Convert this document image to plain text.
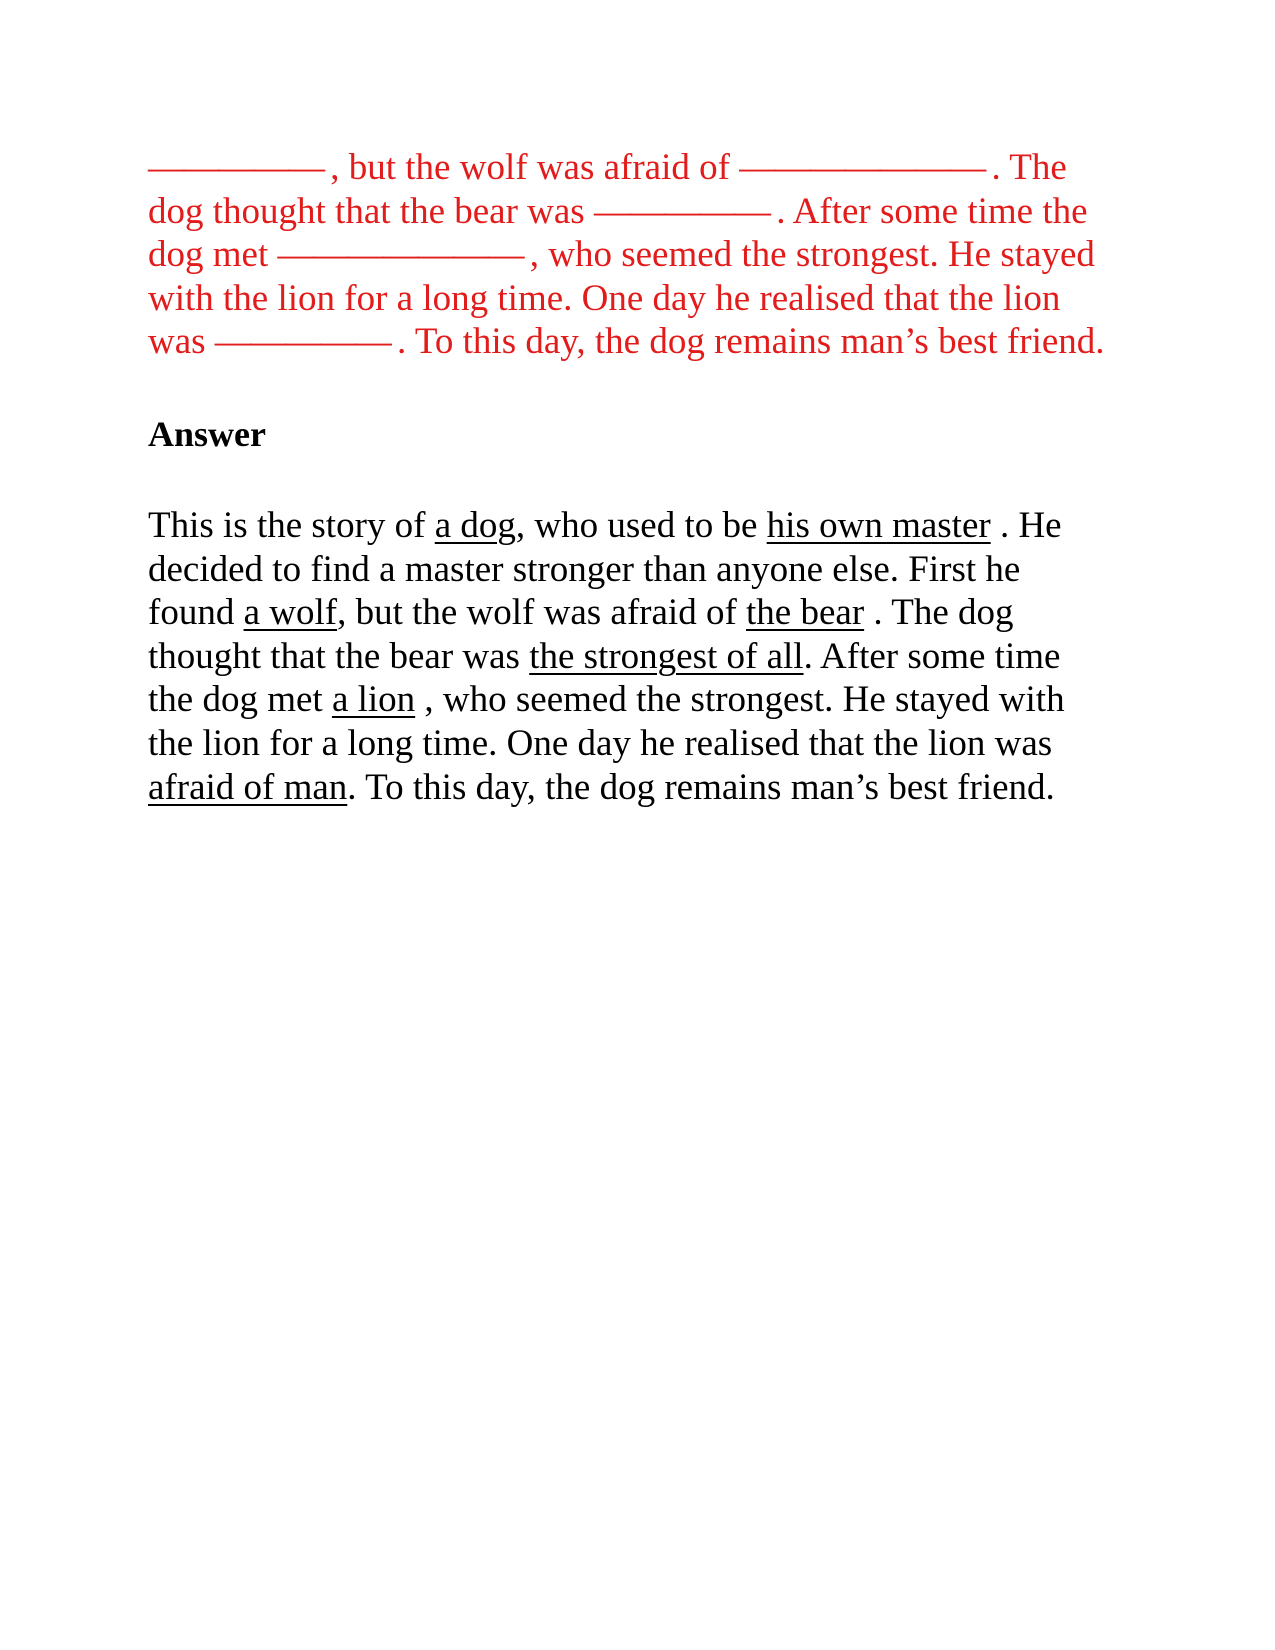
————— , but the wolf was afraid of ——————— . The
dog thought that the bear was ————— . After some time the
dog met ——————— , who seemed the strongest. He stayed
with the lion for a long time. One day he realised that the lion
was ————— . To this day, the dog remains man’s best friend.
Answer
This is the story of a dog, who used to be his own master . He
decided to find a master stronger than anyone else. First he
found a wolf, but the wolf was afraid of the bear . The dog
thought that the bear was the strongest of all. After some time
the dog met a lion , who seemed the strongest. He stayed with
the lion for a long time. One day he realised that the lion was
afraid of man. To this day, the dog remains man’s best friend.
